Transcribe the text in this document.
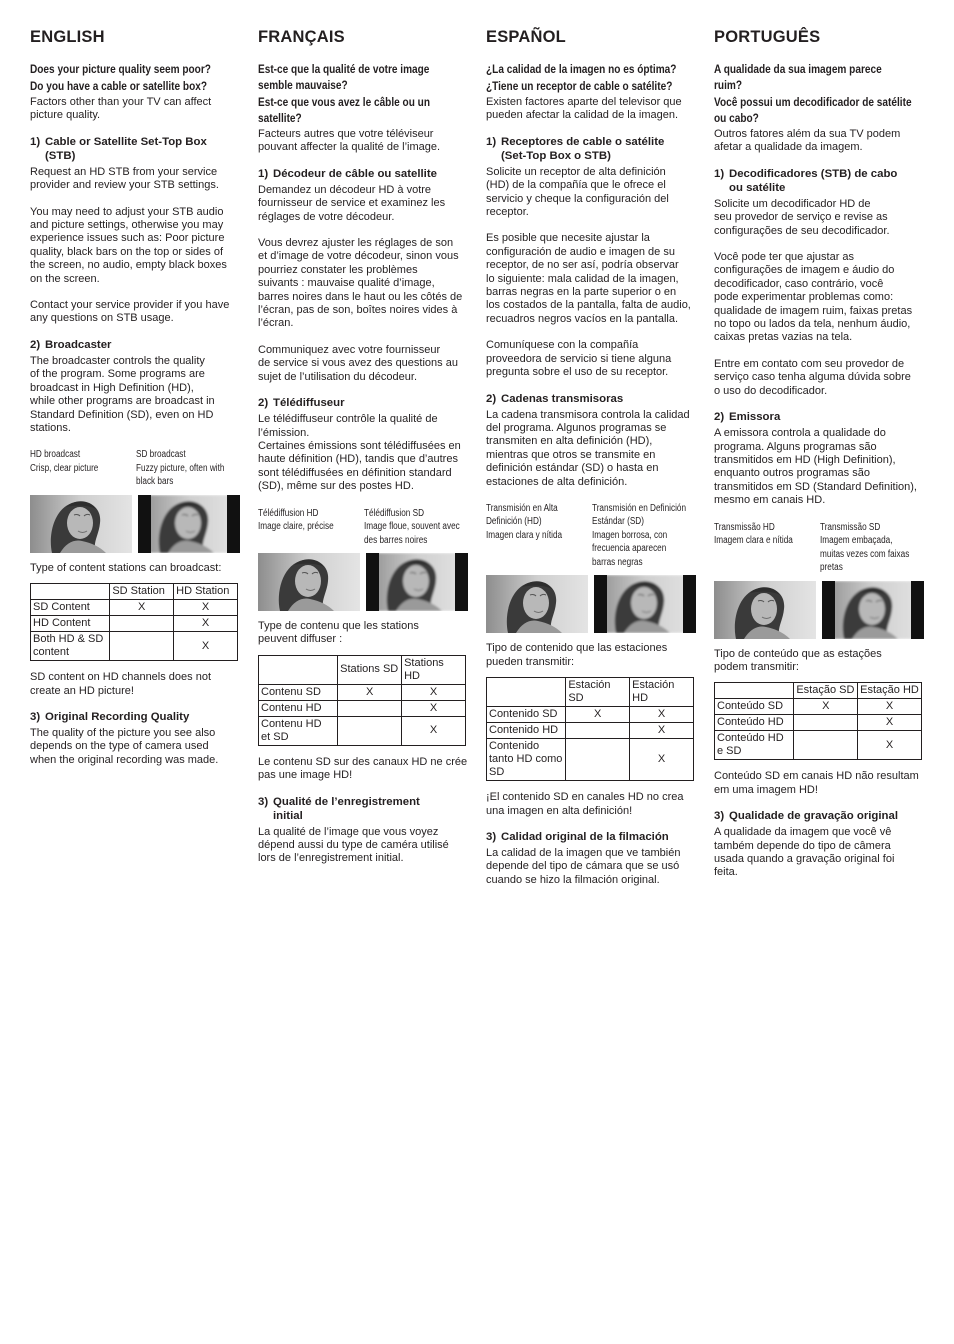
ENGLISH
Does your picture quality seem poor?
Do you have a cable or satellite box?
Factors other than your TV can affect
picture quality.
1) Cable or Satellite Set-Top Box
(STB)
Request an HD STB from your service
provider and review your STB settings.
You may need to adjust your STB audio
and picture settings, otherwise you may
experience issues such as: Poor picture
quality, black bars on the top or sides of
the screen, no audio, empty black boxes
on the screen.
Contact your service provider if you have
any questions on STB usage.
2) Broadcaster
The broadcaster controls the quality
of the program. Some programs are
broadcast in High Definition (HD),
while other programs are broadcast in
Standard Definition (SD), even on HD
stations.
HD broadcast
Crisp, clear picture
SD broadcast
Fuzzy picture, often with
black bars
Type of content stations can broadcast:
	SD Station	HD Station

SD Content	X	X

HD Content		X

Both HD & SD
content		X
SD content on HD channels does not
create an HD picture!
3) Original Recording Quality
The quality of the picture you see also
depends on the type of camera used
when the original recording was made.
FRANÇAIS
Est-ce que la qualité de votre image
semble mauvaise?
Est-ce que vous avez le câble ou un
satellite?
Facteurs autres que votre téléviseur
pouvant affecter la qualité de l’image.
1) Décodeur de câble ou satellite
Demandez un décodeur HD à votre
fournisseur de service et examinez les
réglages de votre décodeur.
Vous devrez ajuster les réglages de son
et d’image de votre décodeur, sinon vous
pourriez constater les problèmes
suivants : mauvaise qualité d’image,
barres noires dans le haut ou les côtés de
l’écran, pas de son, boîtes noires vides à
l’écran.
Communiquez avec votre fournisseur
de service si vous avez des questions au
sujet de l’utilisation du décodeur.
2) Télédiffuseur
Le télédiffuseur contrôle la qualité de
l’émission.
Certaines émissions sont télédiffusées en
haute définition (HD), tandis que d’autres
sont télédiffusées en définition standard
(SD), même sur des postes HD.
Télédiffusion HD
Image claire, précise
Télédiffusion SD
Image floue, souvent avec
des barres noires
Type de contenu que les stations
peuvent diffuser :
	Stations SD	Stations
HD

Contenu SD	X	X

Contenu HD		X

Contenu HD
et SD		X
Le contenu SD sur des canaux HD ne crée
pas une image HD!
3) Qualité de l’enregistrement
initial
La qualité de l’image que vous voyez
dépend aussi du type de caméra utilisé
lors de l’enregistrement initial.
ESPAÑOL
¿La calidad de la imagen no es óptima?
¿Tiene un receptor de cable o satélite?
Existen factores aparte del televisor que
pueden afectar la calidad de la imagen.
1) Receptores de cable o satélite
(Set-Top Box o STB)
Solicite un receptor de alta definición
(HD) de la compañía que le ofrece el
servicio y cheque la configuración del
receptor.
Es posible que necesite ajustar la
configuración de audio e imagen de su
receptor, de no ser así, podría observar
lo siguiente: mala calidad de la imagen,
barras negras en la parte superior o en
los costados de la pantalla, falta de audio,
recuadros negros vacíos en la pantalla.
Comuníquese con la compañía
proveedora de servicio si tiene alguna
pregunta sobre el uso de su receptor.
2) Cadenas transmisoras
La cadena transmisora controla la calidad
del programa. Algunos programas se
transmiten en alta definición (HD),
mientras que otros se transmite en
definición estándar (SD) o hasta en
estaciones de alta definición.
Transmisión en Alta
Definición (HD)
Imagen clara y nítida
Transmisión en Definición
Estándar (SD)
Imagen borrosa, con
frecuencia aparecen
barras negras
Tipo de contenido que las estaciones
pueden transmitir:
	Estación SD	Estación
HD

Contenido SD	X	X

Contenido HD		X

Contenido
tanto HD como
SD		X
¡El contenido SD en canales HD no crea
una imagen en alta definición!
3) Calidad original de la filmación
La calidad de la imagen que ve también
depende del tipo de cámara que se usó
cuando se hizo la filmación original.
PORTUGUÊS
A qualidade da sua imagem parece
ruim?
Você possui um decodificador de satélite
ou cabo?
Outros fatores além da sua TV podem
afetar a qualidade da imagem.
1) Decodificadores (STB) de cabo
ou satélite
Solicite um decodificador HD de
seu provedor de serviço e revise as
configurações de seu decodificador.
Você pode ter que ajustar as
configurações de imagem e áudio do
decodificador, caso contrário, você
pode experimentar problemas como:
qualidade de imagem ruim, faixas pretas
no topo ou lados da tela, nenhum áudio,
caixas pretas vazias na tela.
Entre em contato com seu provedor de
serviço caso tenha alguma dúvida sobre
o uso do decodificador.
2) Emissora
A emissora controla a qualidade do
programa. Alguns programas são
transmitidos em HD (High Definition),
enquanto outros programas são
transmitidos em SD (Standard Definition),
mesmo em canais HD.
Transmissão HD
Imagem clara e nítida
Transmissão SD
Imagem embaçada,
muitas vezes com faixas
pretas
Tipo de conteúdo que as estações
podem transmitir:
	Estação SD	Estação HD

Conteúdo SD	X	X

Conteúdo HD		X

Conteúdo HD
e SD		X
Conteúdo SD em canais HD não resultam
em uma imagem HD!
3) Qualidade de gravação original
A qualidade da imagem que você vê
também depende do tipo de câmera
usada quando a gravação original foi
feita.
